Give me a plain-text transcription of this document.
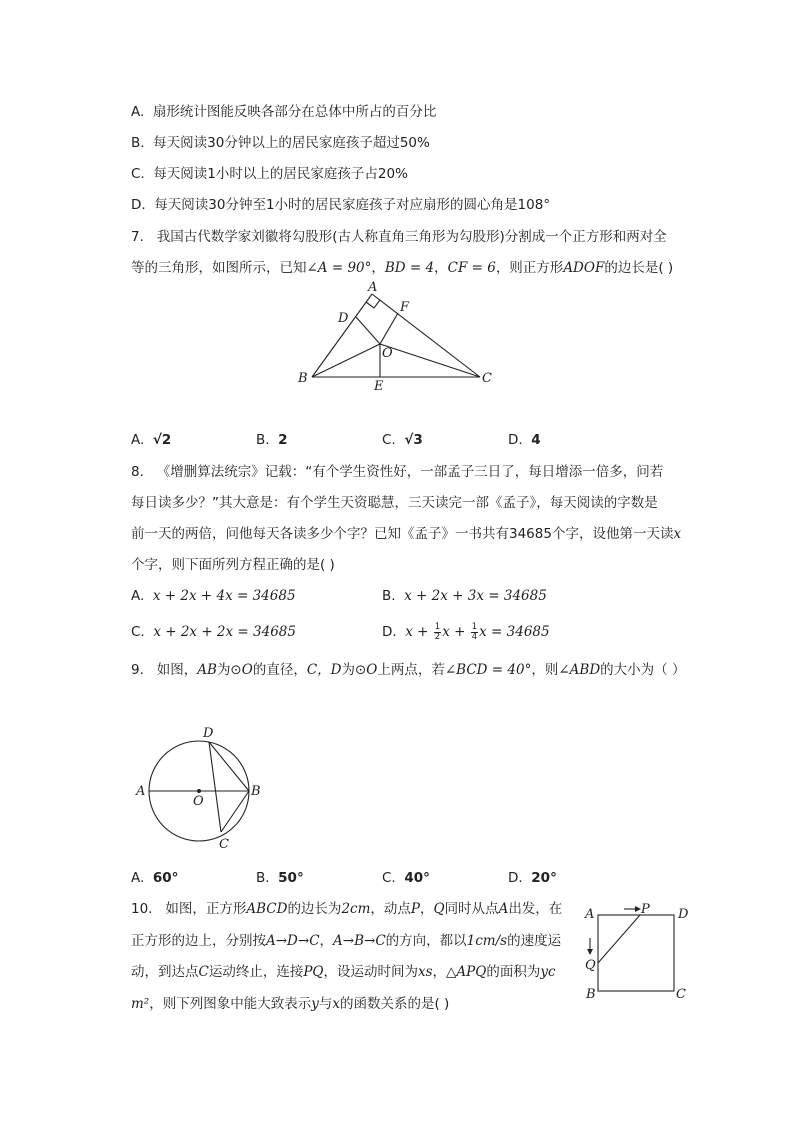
A. 扇形统计图能反映各部分在总体中所占的百分比
B. 每天阅读30分钟以上的居民家庭孩子超过50%
C. 每天阅读1小时以上的居民家庭孩子占20%
D. 每天阅读30分钟至1小时的居民家庭孩子对应扇形的圆心角是108°
7. 我国古代数学家刘徽将勾股形(古人称直角三角形为勾股形)分割成一个正方形和两对全
等的三角形，如图所示，已知∠A = 90°，BD = 4，CF = 6，则正方形ADOF的边长是( )
A
F
D
O
B
E
C
A. √2	B. 2	C. √3	D. 4
8. 《增删算法统宗》记载：“有个学生资性好，一部孟子三日了，每日增添一倍多，问若
每日读多少？”其大意是：有个学生天资聪慧，三天读完一部《孟子》，每天阅读的字数是
前一天的两倍，问他每天各读多少个字？已知《孟子》一书共有34685个字，设他第一天读x
个字，则下面所列方程正确的是( )
A. x + 2x + 4x = 34685	B. x + 2x + 3x = 34685
C. x + 2x + 2x = 34685	D. $x + \frac{1}{2}$ $x + \frac{1}{4}$ x = 34685
9. 如图，AB为⊙O的直径，C，D为⊙O上两点，若∠BCD = 40°，则∠ABD的大小为（ ）
D
A
O
B
C
A. 60°	B. 50°	C. 40°	D. 20°
10. 如图，正方形ABCD的边长为2cm，动点P，Q同时从点A出发，在
正方形的边上，分别按A→D→C，A→B→C的方向，都以1cm/s的速度运
动，到达点C运动终止，连接PQ，设运动时间为xs，△APQ的面积为yc
m²，则下列图象中能大致表示y与x的函数关系的是( )
A	P D
Q
B	C
